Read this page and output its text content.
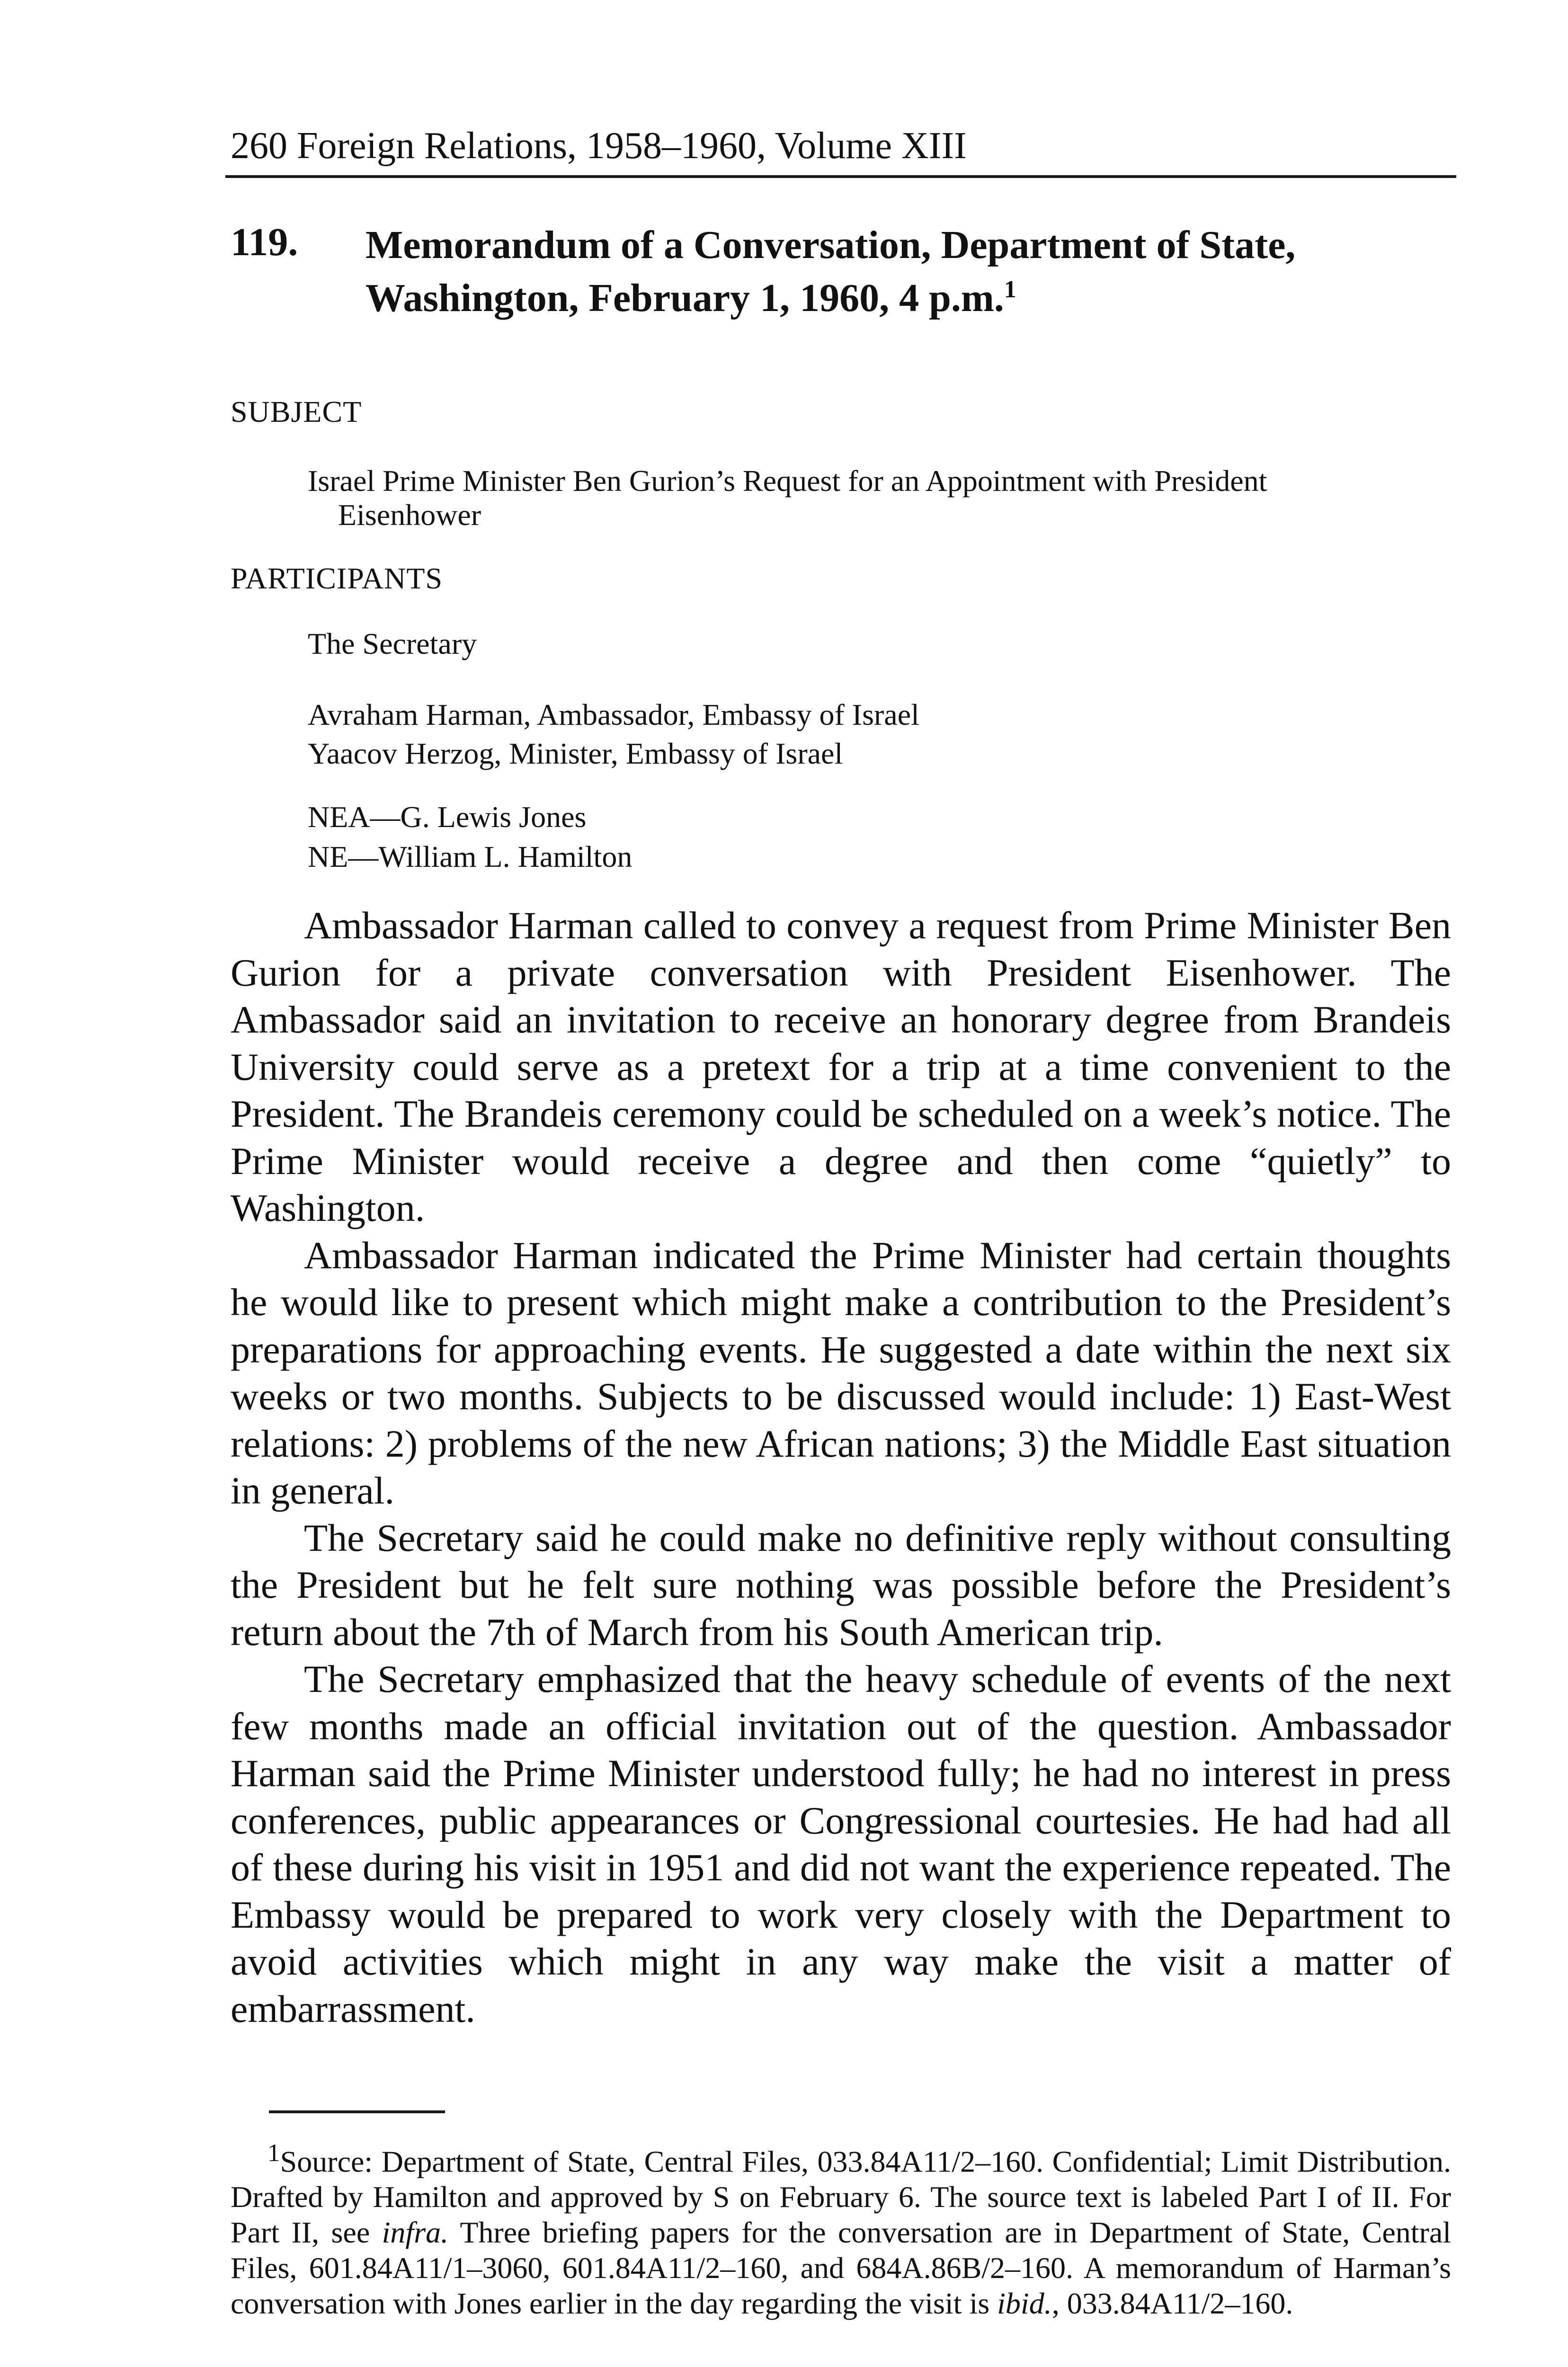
260 Foreign Relations, 1958–1960, Volume XIII
119. Memorandum of a Conversation, Department of State, Washington, February 1, 1960, 4 p.m.$^1$
SUBJECT
Israel Prime Minister Ben Gurion’s Request for an Appointment with President
Eisenhower
PARTICIPANTS
The Secretary
Avraham Harman, Ambassador, Embassy of Israel
Yaacov Herzog, Minister, Embassy of Israel
NEA—G. Lewis Jones
NE—William L. Hamilton

Ambassador Harman called to convey a request from Prime Minister Ben Gurion for a private conversation with President Eisenhower. The Ambassador said an invitation to receive an honorary degree from Brandeis University could serve as a pretext for a trip at a time convenient to the President. The Brandeis ceremony could be scheduled on a week’s notice. The Prime Minister would receive a degree and then come “quietly” to Washington.

Ambassador Harman indicated the Prime Minister had certain thoughts he would like to present which might make a contribution to the President’s preparations for approaching events. He suggested a date within the next six weeks or two months. Subjects to be discussed would include: 1) East-West relations: 2) problems of the new African nations; 3) the Middle East situation in general.

The Secretary said he could make no definitive reply without consulting the President but he felt sure nothing was possible before the President’s return about the 7th of March from his South American trip.

The Secretary emphasized that the heavy schedule of events of the next few months made an official invitation out of the question. Ambassador Harman said the Prime Minister understood fully; he had no interest in press conferences, public appearances or Congressional courtesies. He had had all of these during his visit in 1951 and did not want the experience repeated. The Embassy would be prepared to work very closely with the Department to avoid activities which might in any way make the visit a matter of embarrassment.

$^1$Source: Department of State, Central Files, 033.84A11/2–160. Confidential; Limit Distribution. Drafted by Hamilton and approved by S on February 6. The source text is labeled Part I of II. For Part II, see infra. Three briefing papers for the conversation are in Department of State, Central Files, 601.84A11/1–3060, 601.84A11/2–160, and 684A.86B/2–160. A memorandum of Harman’s conversation with Jones earlier in the day regarding the visit is ibid., 033.84A11/2–160.
